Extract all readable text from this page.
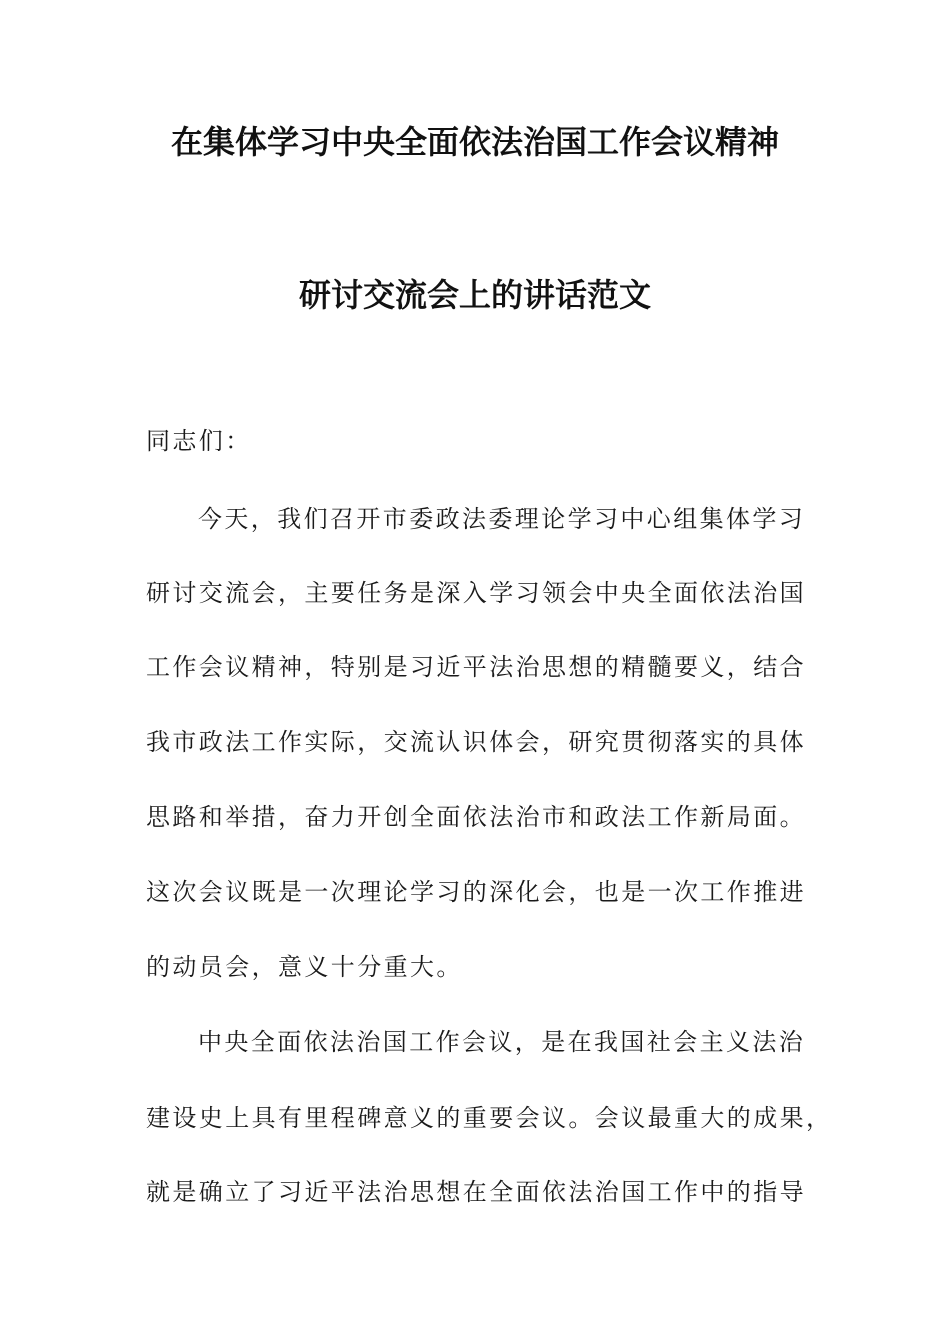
在集体学习中央全面依法治国工作会议精神
研讨交流会上的讲话范文
同志们：
今天，我们召开市委政法委理论学习中心组集体学习
研讨交流会，主要任务是深入学习领会中央全面依法治国
工作会议精神，特别是习近平法治思想的精髓要义，结合
我市政法工作实际，交流认识体会，研究贯彻落实的具体
思路和举措，奋力开创全面依法治市和政法工作新局面。
这次会议既是一次理论学习的深化会，也是一次工作推进
的动员会，意义十分重大。
中央全面依法治国工作会议，是在我国社会主义法治
建设史上具有里程碑意义的重要会议。会议最重大的成果，
就是确立了习近平法治思想在全面依法治国工作中的指导
